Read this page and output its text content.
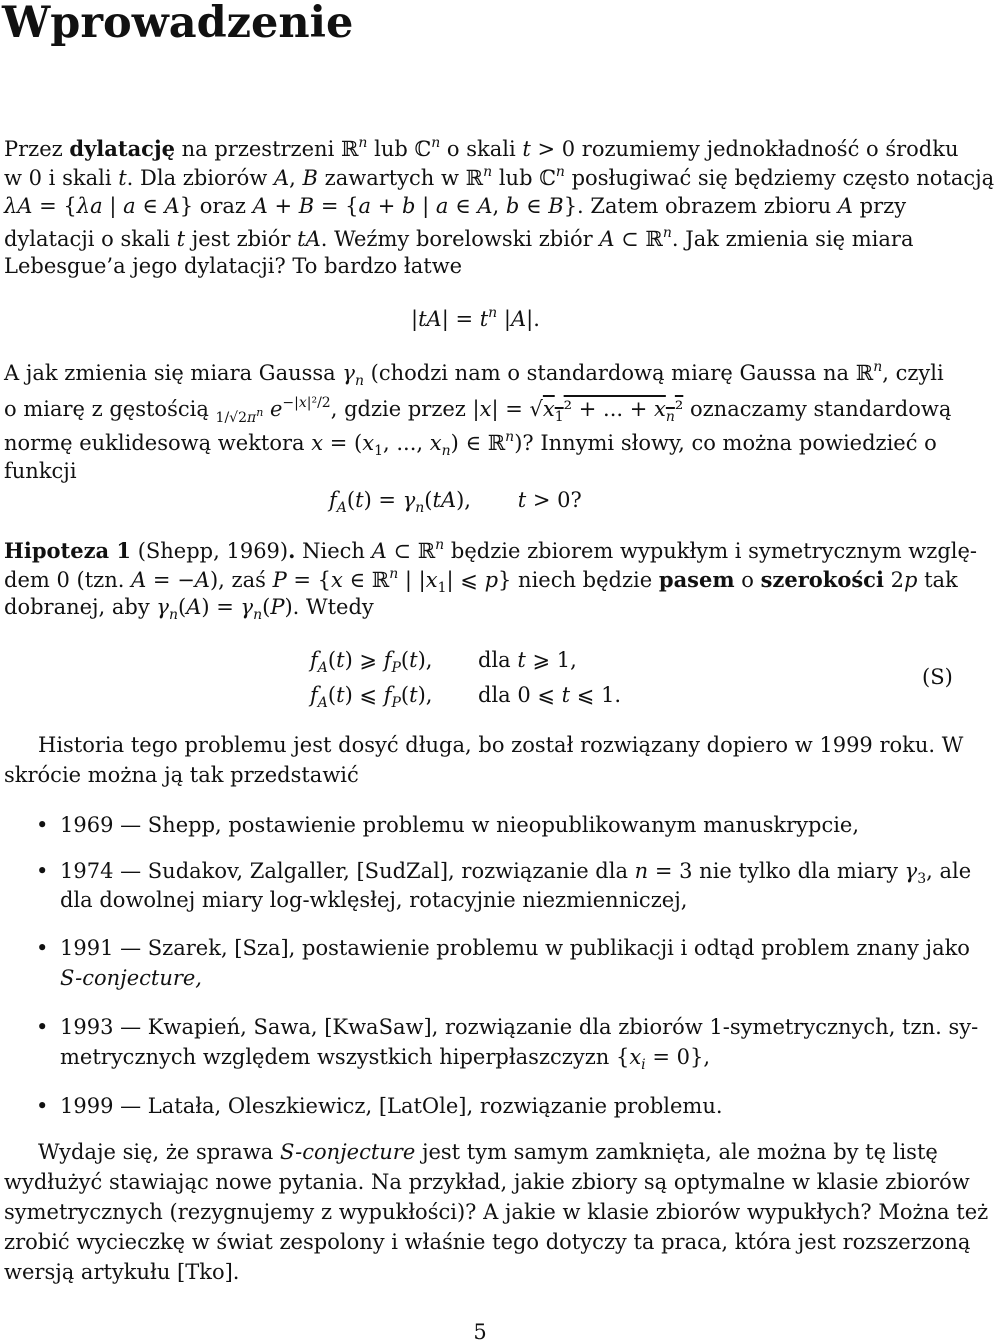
Wprowadzenie
Przez dylatację na przestrzeni ℝ$^n$ lub ℂ$^n$ o skali t > 0 rozumiemy jednokładność o środku
w 0 i skali t. Dla zbiorów A, B zawartych w ℝ$^n$ lub ℂ$^n$ posługiwać się będziemy często notacją
λA = {λa | a ∈ A} oraz A + B = {a + b | a ∈ A, b ∈ B}. Zatem obrazem zbioru A przy
dylatacji o skali t jest zbiór tA. Weźmy borelowski zbiór A ⊂ ℝ$^n$. Jak zmienia się miara
Lebesgue’a jego dylatacji? To bardzo łatwe
$|tA| = t^n$ |A|.
A jak zmienia się miara Gaussa $\gamma_n$ (chodzi nam o standardową miarę Gaussa na ℝ$^n$, czyli
o miarę z gęstością $_{1/√2\pi^n}$ $e^{-|x|^2/2}$, gdzie przez $|x| = √x_1^2$ + ... + $x_n^2$ oznaczamy standardową
normę euklidesową wektora $x = (x_1$, ..., $x_n$) ∈ ℝ$^n$)? Innymi słowy, co można powiedzieć o
funkcji
$f_A(t) = \gamma_n(tA)$,       t > 0?
Hipoteza 1 (Shepp, 1969). Niech A ⊂ ℝ$^n$ będzie zbiorem wypukłym i symetrycznym wzglę-
dem 0 (tzn. A = −A), zaś P = {x ∈ ℝ$^n$ | $|x_1|$ ⩽ p} niech będzie pasem o szerokości 2p tak
dobranej, aby $\gamma_n(A) = \gamma_n(P)$. Wtedy
$f_A(t)$ ⩾ $f_P(t)$, dla t ⩾ 1,
$f_A(t)$ ⩽ $f_P(t)$, dla 0 ⩽ t ⩽ 1.
(S)
Historia tego problemu jest dosyć długa, bo został rozwiązany dopiero w 1999 roku. W
skrócie można ją tak przedstawić
• 1969 — Shepp, postawienie problemu w nieopublikowanym manuskrypcie,
• 1974 — Sudakov, Zalgaller, [SudZal], rozwiązanie dla n = 3 nie tylko dla miary $\gamma_3$, ale
dla dowolnej miary log-wklęsłej, rotacyjnie niezmienniczej,
• 1991 — Szarek, [Sza], postawienie problemu w publikacji i odtąd problem znany jako
S-conjecture,
• 1993 — Kwapień, Sawa, [KwaSaw], rozwiązanie dla zbiorów 1-symetrycznych, tzn. sy-
metrycznych względem wszystkich hiperpłaszczyzn $\{x_i = 0\}$,
• 1999 — Latała, Oleszkiewicz, [LatOle], rozwiązanie problemu.
Wydaje się, że sprawa S-conjecture jest tym samym zamknięta, ale można by tę listę
wydłużyć stawiając nowe pytania. Na przykład, jakie zbiory są optymalne w klasie zbiorów
symetrycznych (rezygnujemy z wypukłości)? A jakie w klasie zbiorów wypukłych? Można też
zrobić wycieczkę w świat zespolony i właśnie tego dotyczy ta praca, która jest rozszerzoną
wersją artykułu [Tko].
5
